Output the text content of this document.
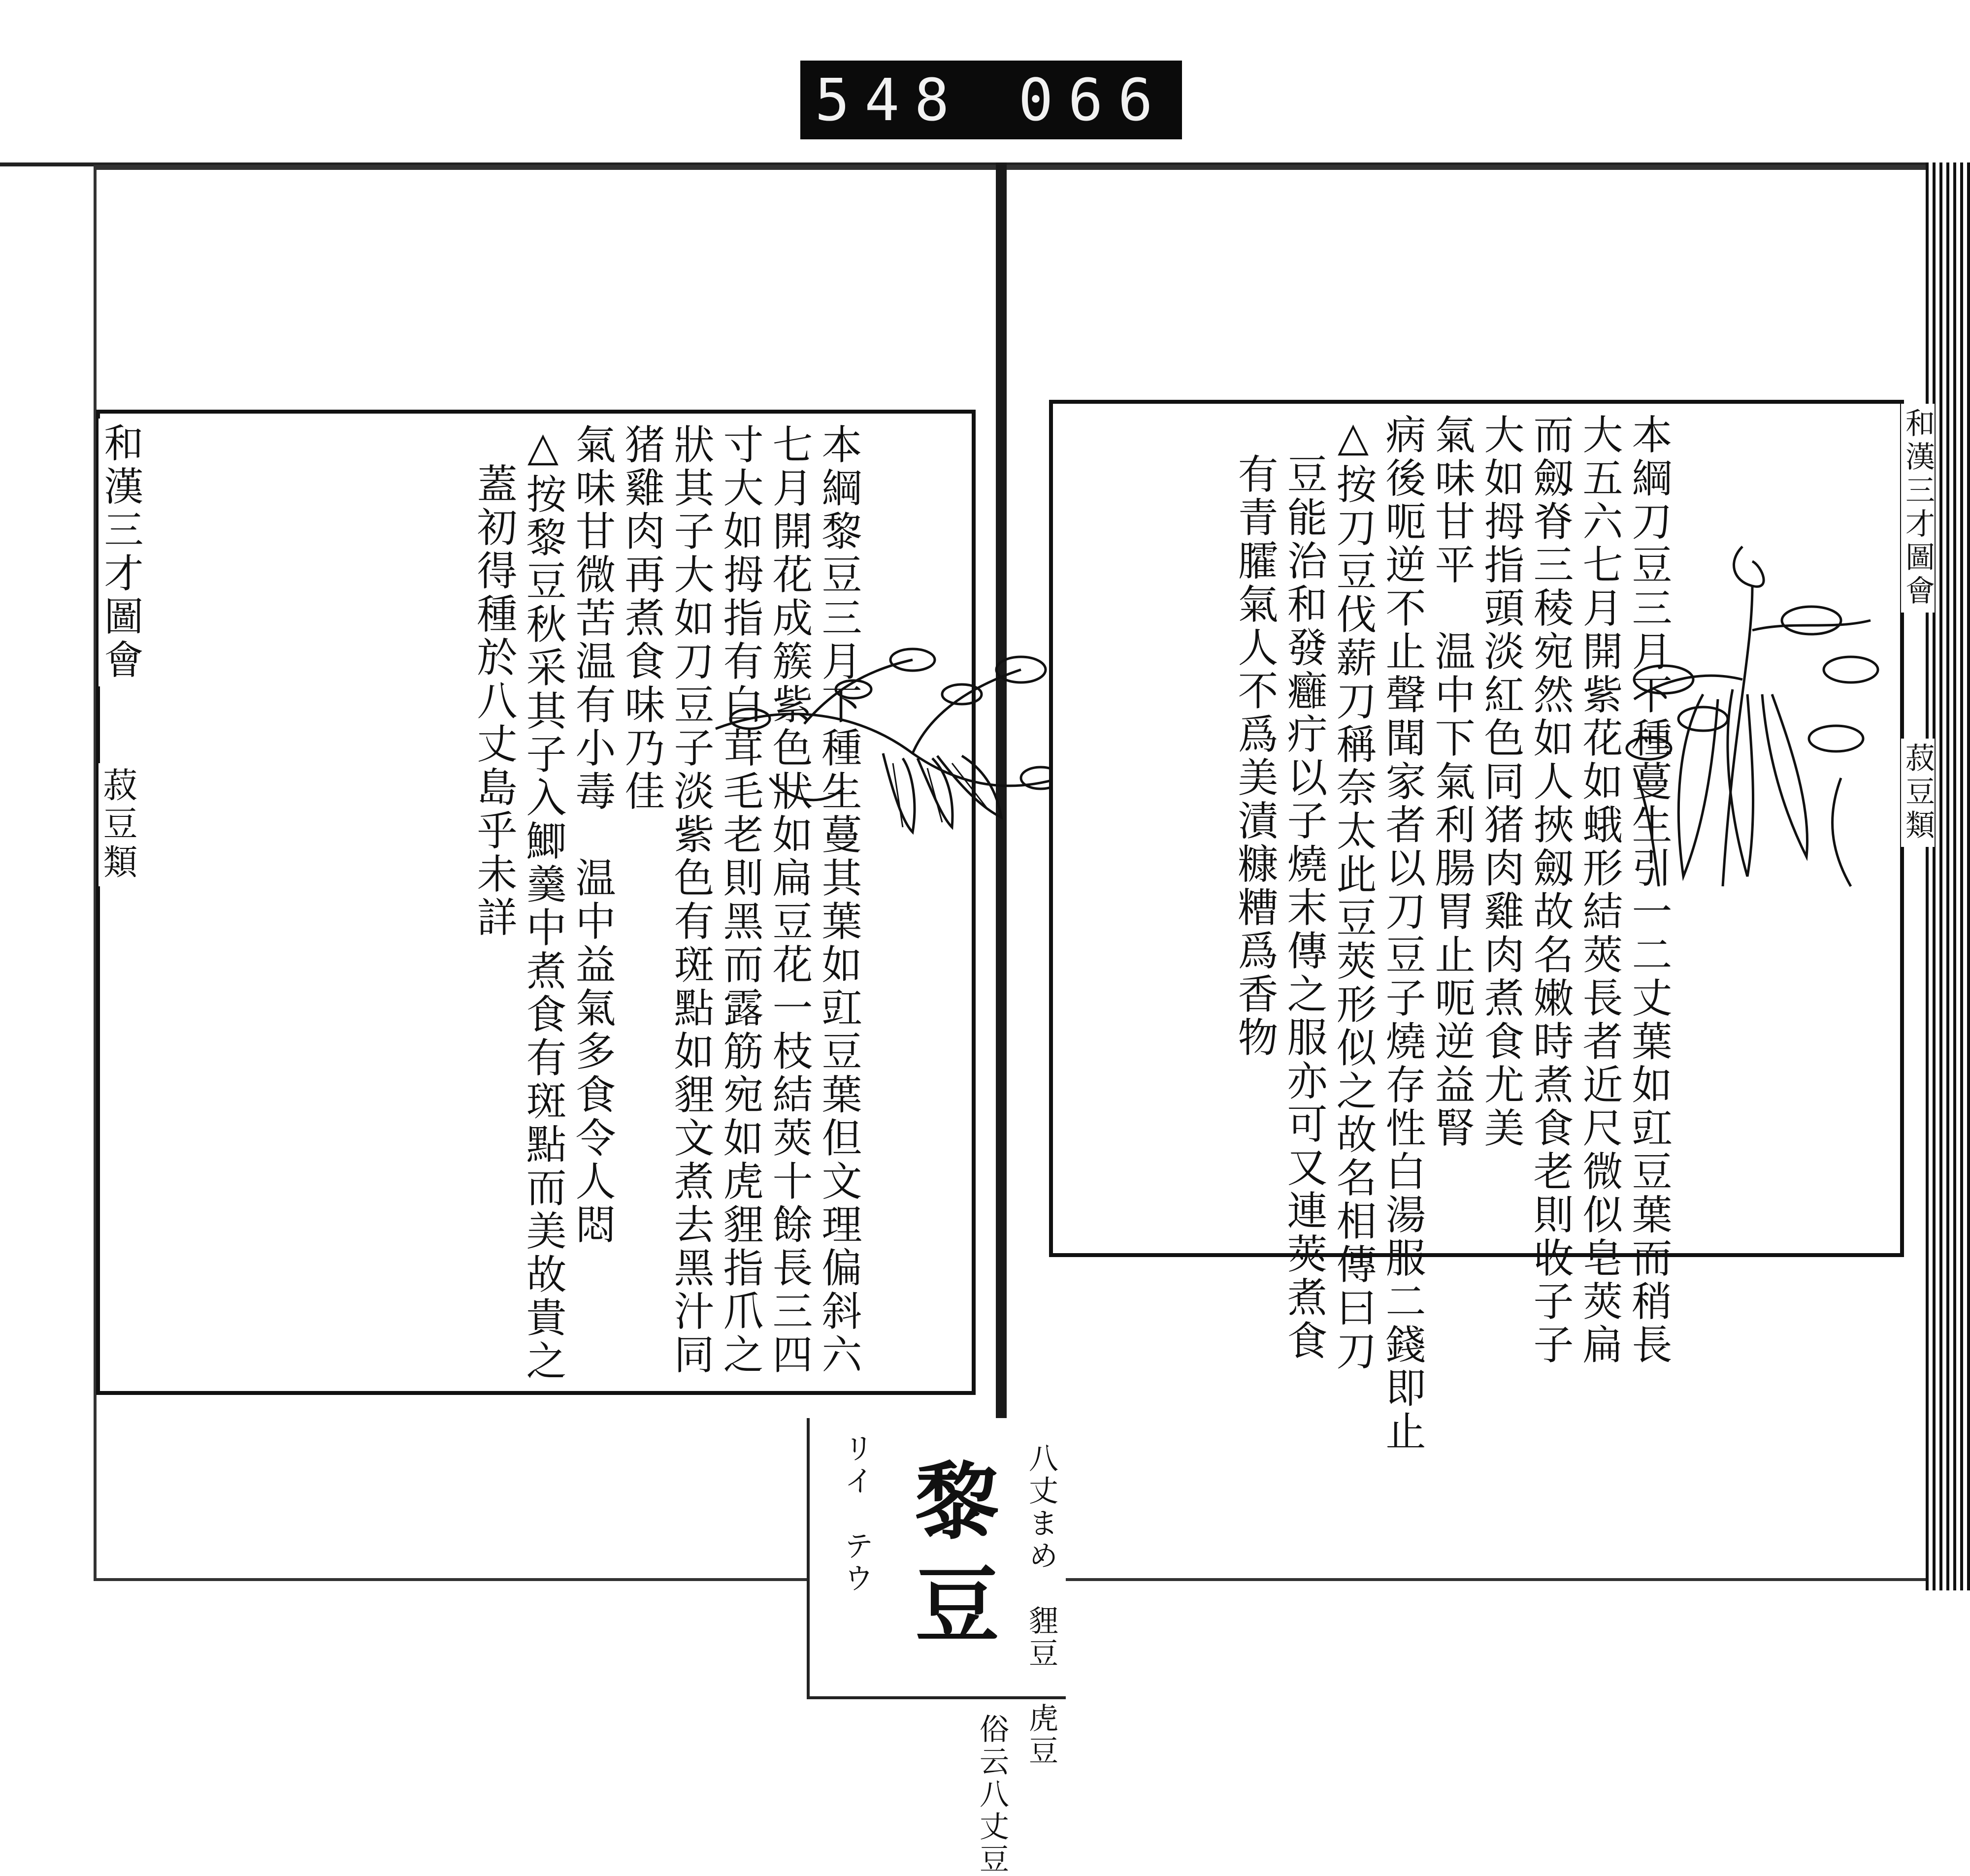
548 066
八丈まめ　貍豆　虎豆
黎豆
リイ　テウ
俗云八丈豆
本綱黎豆三月下種生蔓其葉如豇豆葉但文理偏斜六
七月開花成簇紫色狀如扁豆花一枝結莢十餘長三四
寸大如拇指有白茸毛老則黑而露筋宛如虎貍指爪之
狀其子大如刀豆子淡紫色有斑點如貍文煮去黑汁同
猪雞肉再煮食味乃佳
氣味甘微苦温有小毒　温中益氣多食令人悶
△按黎豆秋采其子入鯽羹中煮食有斑點而美故貴之
蓋初得種於八丈島乎未詳
和漢三才圖會
菽豆類	本綱刀豆三月下種蔓生引一二丈葉如豇豆葉而稍長
大五六七月開紫花如蛾形結莢長者近尺微似皂莢扁
而劔脊三稜宛然如人挾劔故名嫩時煮食老則收子子
大如拇指頭淡紅色同猪肉雞肉煮食尤美
氣味甘平　温中下氣利腸胃止呃逆益腎
病後呃逆不止聲聞家者以刀豆子燒存性白湯服二錢即止
△按刀豆伐薪刀稱奈太此豆莢形似之故名相傳曰刀
豆能治和發癰疔以子燒末傳之服亦可又連莢煮食
有青臛氣人不爲美漬糠糟爲香物	和漢三才圖會
菽豆類
